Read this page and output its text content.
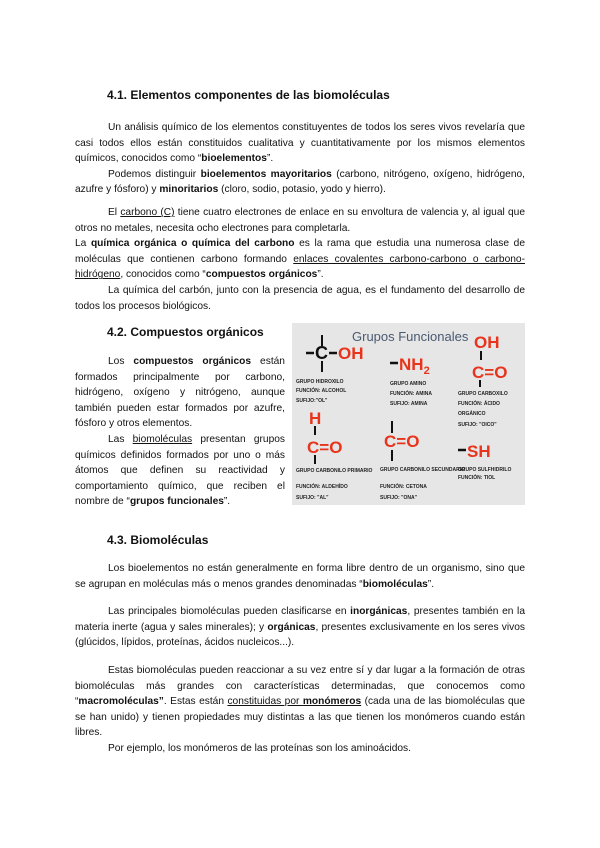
4.1. Elementos componentes de las biomoléculas

Un análisis químico de los elementos constituyentes de todos los seres vivos revelaría que casi todos ellos están constituidos cualitativa y cuantitativamente por los mismos elementos químicos, conocidos como “bioelementos”.

Podemos distinguir bioelementos mayoritarios (carbono, nitrógeno, oxígeno, hidrógeno, azufre y fósforo) y minoritarios (cloro, sodio, potasio, yodo y hierro).

El carbono (C) tiene cuatro electrones de enlace en su envoltura de valencia y, al igual que otros no metales, necesita ocho electrones para completarla.

La química orgánica o química del carbono es la rama que estudia una numerosa clase de moléculas que contienen carbono formando enlaces covalentes carbono-carbono o carbono-hidrógeno, conocidos como “compuestos orgánicos”.

La química del carbón, junto con la presencia de agua, es el fundamento del desarrollo de todos los procesos biológicos.

4.2. Compuestos orgánicos

Los compuestos orgánicos están formados principalmente por carbono, hidrógeno, oxígeno y nitrógeno, aunque también pueden estar formados por azufre, fósforo y otros elementos.

Las biomoléculas presentan grupos químicos definidos formados por uno o más átomos que definen su reactividad y comportamiento químico, que reciben el nombre de “grupos funcionales”.

Grupos Funcionales
C OH
GRUPO HIDROXILO
FUNCIÓN: ALCOHOL
SUFIJO:"OL"
$NH_2$
GRUPO AMINO
FUNCIÓN: AMINA
SUFIJO: AMINA
OH
C=O
GRUPO CARBOXILO
FUNCIÓN: ÁCIDO
ORGÁNICO
SUFIJO: "OICO"
H
C=O
GRUPO CARBONILO PRIMARIO
FUNCIÓN: ALDEHÍDO
SUFIJO: "AL"
C=O
GRUPO CARBONILO SECUNDARIO
FUNCIÓN: CETONA
SUFIJO: "ONA"
SH
GRUPO SULFHIDRILO
FUNCIÓN: TIOL
4.3. Biomoléculas

Los bioelementos no están generalmente en forma libre dentro de un organismo, sino que se agrupan en moléculas más o menos grandes denominadas “biomoléculas”.

Las principales biomoléculas pueden clasificarse en inorgánicas, presentes también en la materia inerte (agua y sales minerales); y orgánicas, presentes exclusivamente en los seres vivos (glúcidos, lípidos, proteínas, ácidos nucleicos...).

Estas biomoléculas pueden reaccionar a su vez entre sí y dar lugar a la formación de otras biomoléculas más grandes con características determinadas, que conocemos como “macromoléculas”. Estas están constituidas por monómeros (cada una de las biomoléculas que se han unido) y tienen propiedades muy distintas a las que tienen los monómeros cuando están libres.

Por ejemplo, los monómeros de las proteínas son los aminoácidos.
